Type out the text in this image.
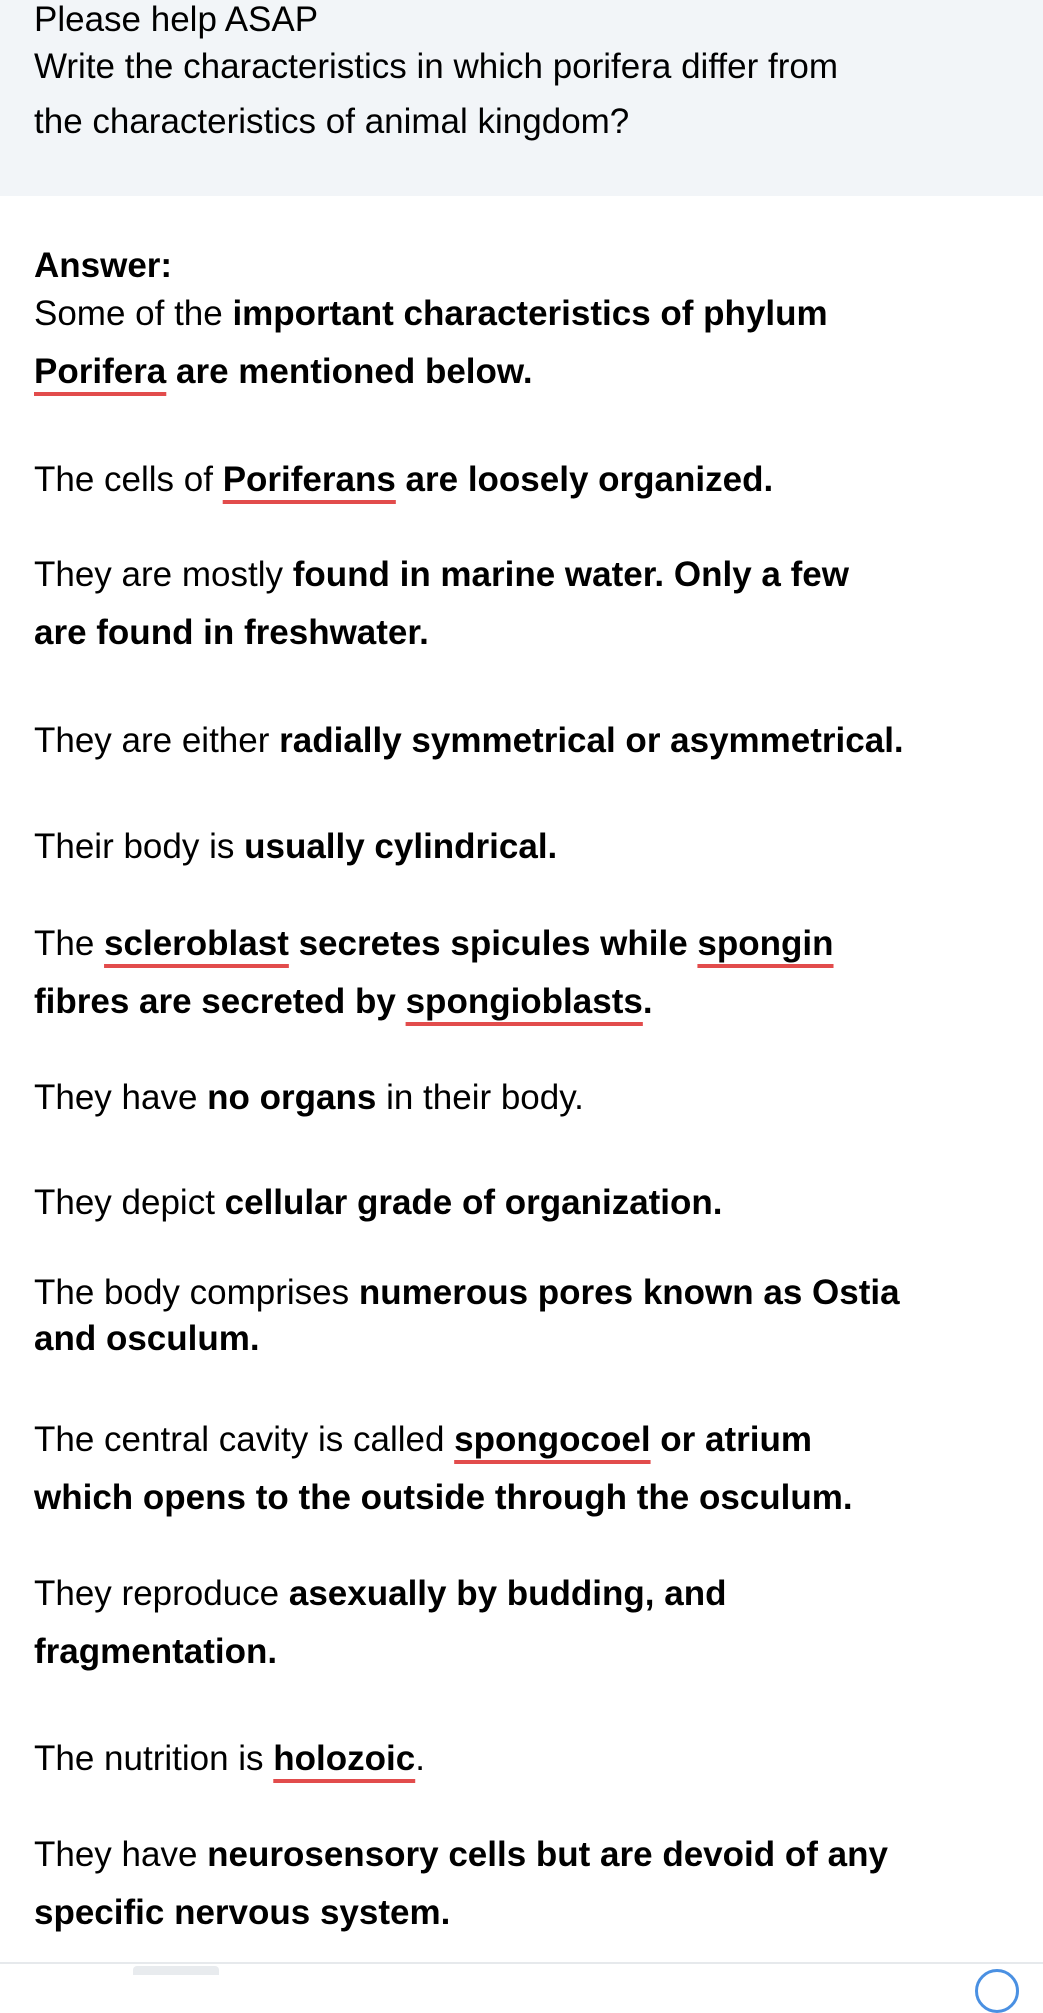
Please help ASAP
Write the characteristics in which porifera differ from
the characteristics of animal kingdom?
Answer:
Some of the important characteristics of phylum
Porifera are mentioned below.
The cells of Poriferans are loosely organized.
They are mostly found in marine water. Only a few
are found in freshwater.
They are either radially symmetrical or asymmetrical.
Their body is usually cylindrical.
The scleroblast secretes spicules while spongin
fibres are secreted by spongioblasts.
They have no organs in their body.
They depict cellular grade of organization.
The body comprises numerous pores known as Ostia
and osculum.
The central cavity is called spongocoel or atrium
which opens to the outside through the osculum.
They reproduce asexually by budding, and
fragmentation.
The nutrition is holozoic.
They have neurosensory cells but are devoid of any
specific nervous system.
